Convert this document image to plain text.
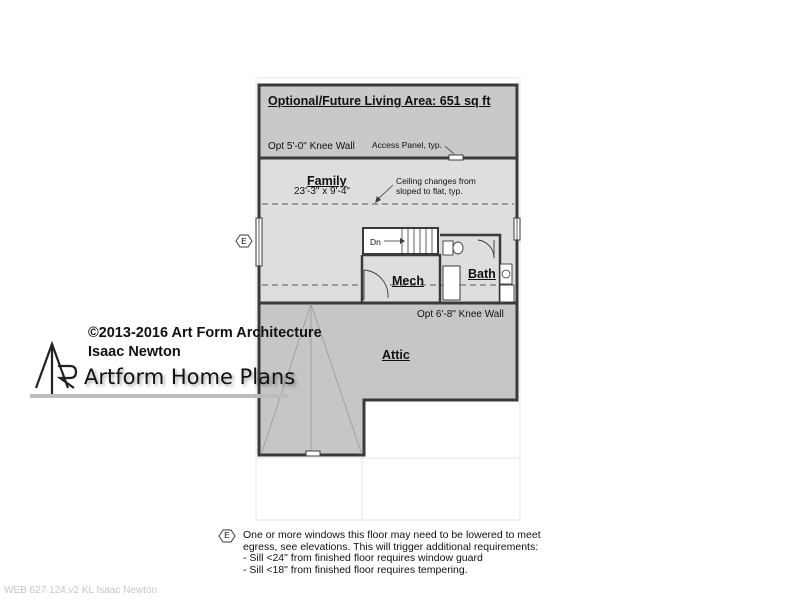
Optional/Future Living Area: 651 sq ft
Opt 5'-0" Knee Wall Access Panel, typ.
Family
23'-3" x 9'-4"
Ceiling changes from
sloped to flat, typ.
Dn
Mech	Bath
Opt 6'-8" Knee Wall
Attic
E
©2013-2016 Art Form Architecture
Isaac Newton
Artform Home Plans
E One or more windows this floor may need to be lowered to meet
egress, see elevations. This will trigger additional requirements:
- Sill <24" from finished floor requires window guard
- Sill <18" from finished floor requires tempering.
WEB 627 124.v2 KL Isaac Newton
